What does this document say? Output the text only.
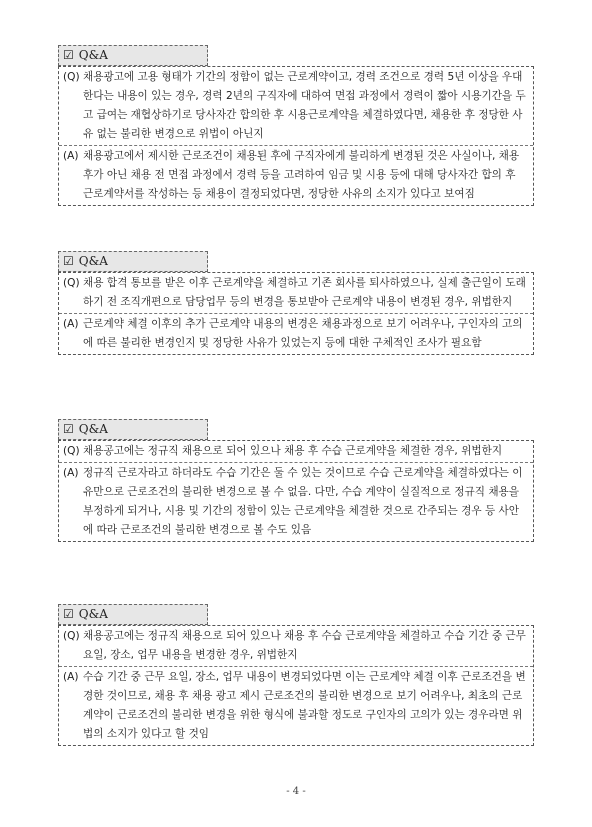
☑ Q&A
(Q) 채용광고에 고용 형태가 기간의 정함이 없는 근로계약이고, 경력 조건으로 경력 5년 이상을 우대한다는 내용이 있는 경우, 경력 2년의 구직자에 대하여 면접 과정에서 경력이 짧아 시용기간을 두고 급여는 재협상하기로 당사자간 합의한 후 시용근로계약을 체결하였다면, 채용한 후 정당한 사유 없는 불리한 변경으로 위법이 아닌지
(A) 채용광고에서 제시한 근로조건이 채용된 후에 구직자에게 불리하게 변경된 것은 사실이나, 채용 후가 아닌 채용 전 면접 과정에서 경력 등을 고려하여 임금 및 시용 등에 대해 당사자간 합의 후 근로계약서를 작성하는 등 채용이 결정되었다면, 정당한 사유의 소지가 있다고 보여짐
☑ Q&A
(Q) 채용 합격 통보를 받은 이후 근로계약을 체결하고 기존 회사를 퇴사하였으나, 실제 출근일이 도래하기 전 조직개편으로 담당업무 등의 변경을 통보받아 근로계약 내용이 변경된 경우, 위법한지
(A) 근로계약 체결 이후의 추가 근로계약 내용의 변경은 채용과정으로 보기 어려우나, 구인자의 고의에 따른 불리한 변경인지 및 정당한 사유가 있었는지 등에 대한 구체적인 조사가 필요함
☑ Q&A
(Q) 채용공고에는 정규직 채용으로 되어 있으나 채용 후 수습 근로계약을 체결한 경우, 위법한지
(A) 정규직 근로자라고 하더라도 수습 기간은 둘 수 있는 것이므로 수습 근로계약을 체결하였다는 이유만으로 근로조건의 불리한 변경으로 볼 수 없음. 다만, 수습 계약이 실질적으로 정규직 채용을 부정하게 되거나, 시용 및 기간의 정함이 있는 근로계약을 체결한 것으로 간주되는 경우 등 사안에 따라 근로조건의 불리한 변경으로 볼 수도 있음
☑ Q&A
(Q) 채용공고에는 정규직 채용으로 되어 있으나 채용 후 수습 근로계약을 체결하고 수습 기간 중 근무 요일, 장소, 업무 내용을 변경한 경우, 위법한지
(A) 수습 기간 중 근무 요일, 장소, 업무 내용이 변경되었다면 이는 근로계약 체결 이후 근로조건을 변경한 것이므로, 채용 후 채용 광고 제시 근로조건의 불리한 변경으로 보기 어려우나, 최초의 근로계약이 근로조건의 불리한 변경을 위한 형식에 불과할 정도로 구인자의 고의가 있는 경우라면 위법의 소지가 있다고 할 것임
- 4 -
